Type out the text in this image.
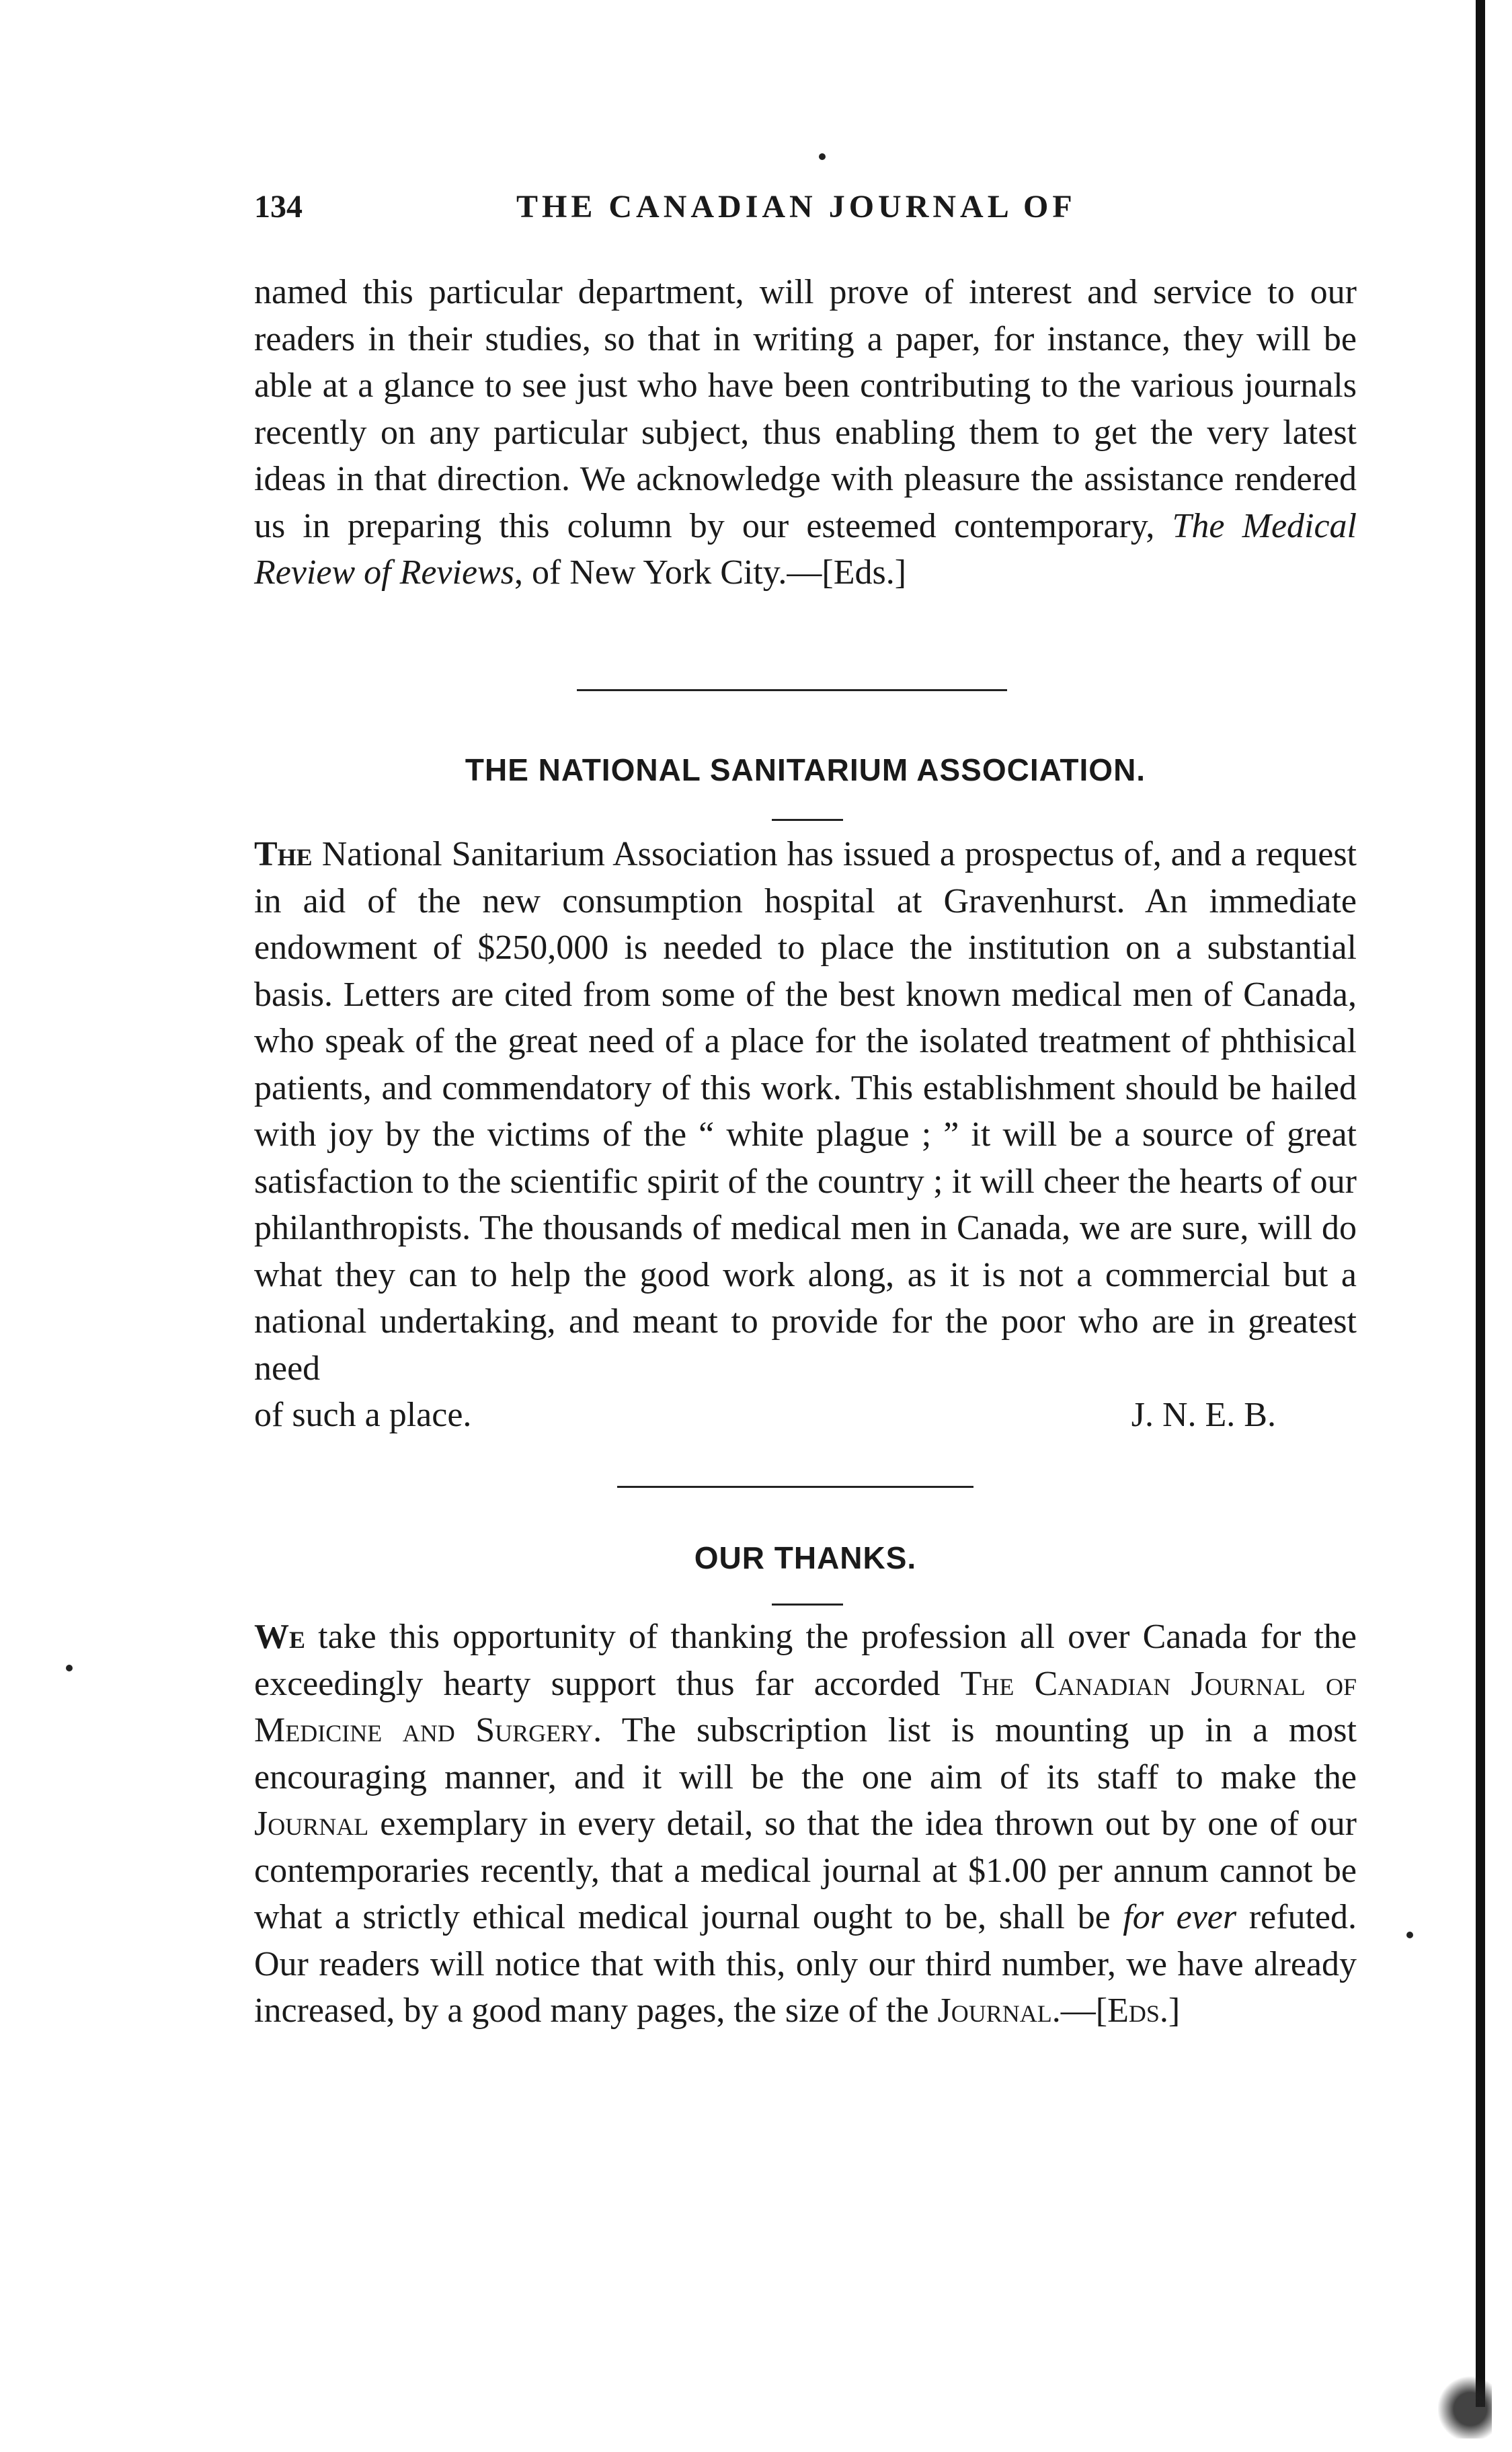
134	THE CANADIAN JOURNAL OF

named this particular department, will prove of interest and service to our readers in their studies, so that in writing a paper, for instance, they will be able at a glance to see just who have been contributing to the various journals recently on any particular subject, thus enabling them to get the very latest ideas in that direction. We acknowledge with pleasure the assistance rendered us in preparing this column by our esteemed contemporary, The Medical Review of Reviews, of New York City.—[Eds.]

THE NATIONAL SANITARIUM ASSOCIATION.

The National Sanitarium Association has issued a prospectus of, and a request in aid of the new consumption hospital at Gravenhurst. An immediate endowment of $250,000 is needed to place the institution on a substantial basis. Letters are cited from some of the best known medical men of Canada, who speak of the great need of a place for the isolated treatment of phthisical patients, and commendatory of this work. This establishment should be hailed with joy by the victims of the “ white plague ; ” it will be a source of great satisfaction to the scientific spirit of the country ; it will cheer the hearts of our philanthropists. The thousands of medical men in Canada, we are sure, will do what they can to help the good work along, as it is not a commercial but a national undertaking, and meant to provide for the poor who are in greatest need

of such a place.	J. N. E. B.

OUR THANKS.

We take this opportunity of thanking the profession all over Canada for the exceedingly hearty support thus far accorded The Canadian Journal of Medicine and Surgery. The subscription list is mounting up in a most encouraging manner, and it will be the one aim of its staff to make the Journal exemplary in every detail, so that the idea thrown out by one of our contemporaries recently, that a medical journal at $1.00 per annum cannot be what a strictly ethical medical journal ought to be, shall be for ever refuted. Our readers will notice that with this, only our third number, we have already increased, by a good many pages, the size of the Journal.—[Eds.]
